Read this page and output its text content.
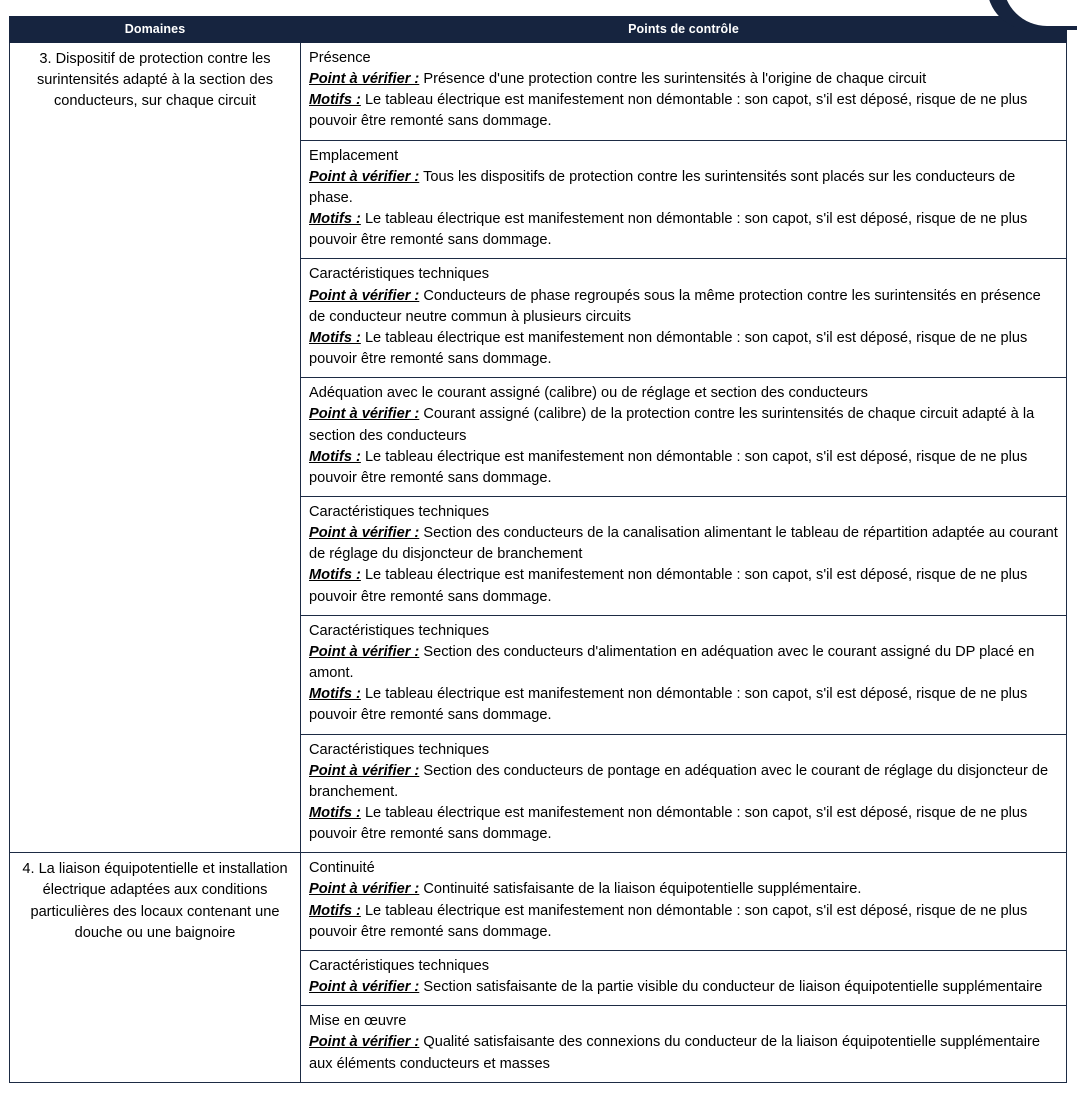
Domaines	Points de contrôle
3. Dispositif de protection contre les surintensités adapté à la section des conducteurs, sur chaque circuit	Présence
Point à vérifier : Présence d'une protection contre les surintensités à l'origine de chaque circuit
Motifs : Le tableau électrique est manifestement non démontable : son capot, s'il est déposé, risque de ne plus pouvoir être remonté sans dommage.

	Emplacement
Point à vérifier : Tous les dispositifs de protection contre les surintensités sont placés sur les conducteurs de phase.
Motifs : Le tableau électrique est manifestement non démontable : son capot, s'il est déposé, risque de ne plus pouvoir être remonté sans dommage.

	Caractéristiques techniques
Point à vérifier : Conducteurs de phase regroupés sous la même protection contre les surintensités en présence de conducteur neutre commun à plusieurs circuits
Motifs : Le tableau électrique est manifestement non démontable : son capot, s'il est déposé, risque de ne plus pouvoir être remonté sans dommage.

	Adéquation avec le courant assigné (calibre) ou de réglage et section des conducteurs
Point à vérifier : Courant assigné (calibre) de la protection contre les surintensités de chaque circuit adapté à la section des conducteurs
Motifs : Le tableau électrique est manifestement non démontable : son capot, s'il est déposé, risque de ne plus pouvoir être remonté sans dommage.

	Caractéristiques techniques
Point à vérifier : Section des conducteurs de la canalisation alimentant le tableau de répartition adaptée au courant de réglage du disjoncteur de branchement
Motifs : Le tableau électrique est manifestement non démontable : son capot, s'il est déposé, risque de ne plus pouvoir être remonté sans dommage.

	Caractéristiques techniques
Point à vérifier : Section des conducteurs d'alimentation en adéquation avec le courant assigné du DP placé en amont.
Motifs : Le tableau électrique est manifestement non démontable : son capot, s'il est déposé, risque de ne plus pouvoir être remonté sans dommage.

	Caractéristiques techniques
Point à vérifier : Section des conducteurs de pontage en adéquation avec le courant de réglage du disjoncteur de branchement.
Motifs : Le tableau électrique est manifestement non démontable : son capot, s'il est déposé, risque de ne plus pouvoir être remonté sans dommage.

4. La liaison équipotentielle et installation électrique adaptées aux conditions particulières des locaux contenant une douche ou une baignoire	Continuité
Point à vérifier : Continuité satisfaisante de la liaison équipotentielle supplémentaire.
Motifs : Le tableau électrique est manifestement non démontable : son capot, s'il est déposé, risque de ne plus pouvoir être remonté sans dommage.

	Caractéristiques techniques
Point à vérifier : Section satisfaisante de la partie visible du conducteur de liaison équipotentielle supplémentaire

	Mise en œuvre
Point à vérifier : Qualité satisfaisante des connexions du conducteur de la liaison équipotentielle supplémentaire aux éléments conducteurs et masses
